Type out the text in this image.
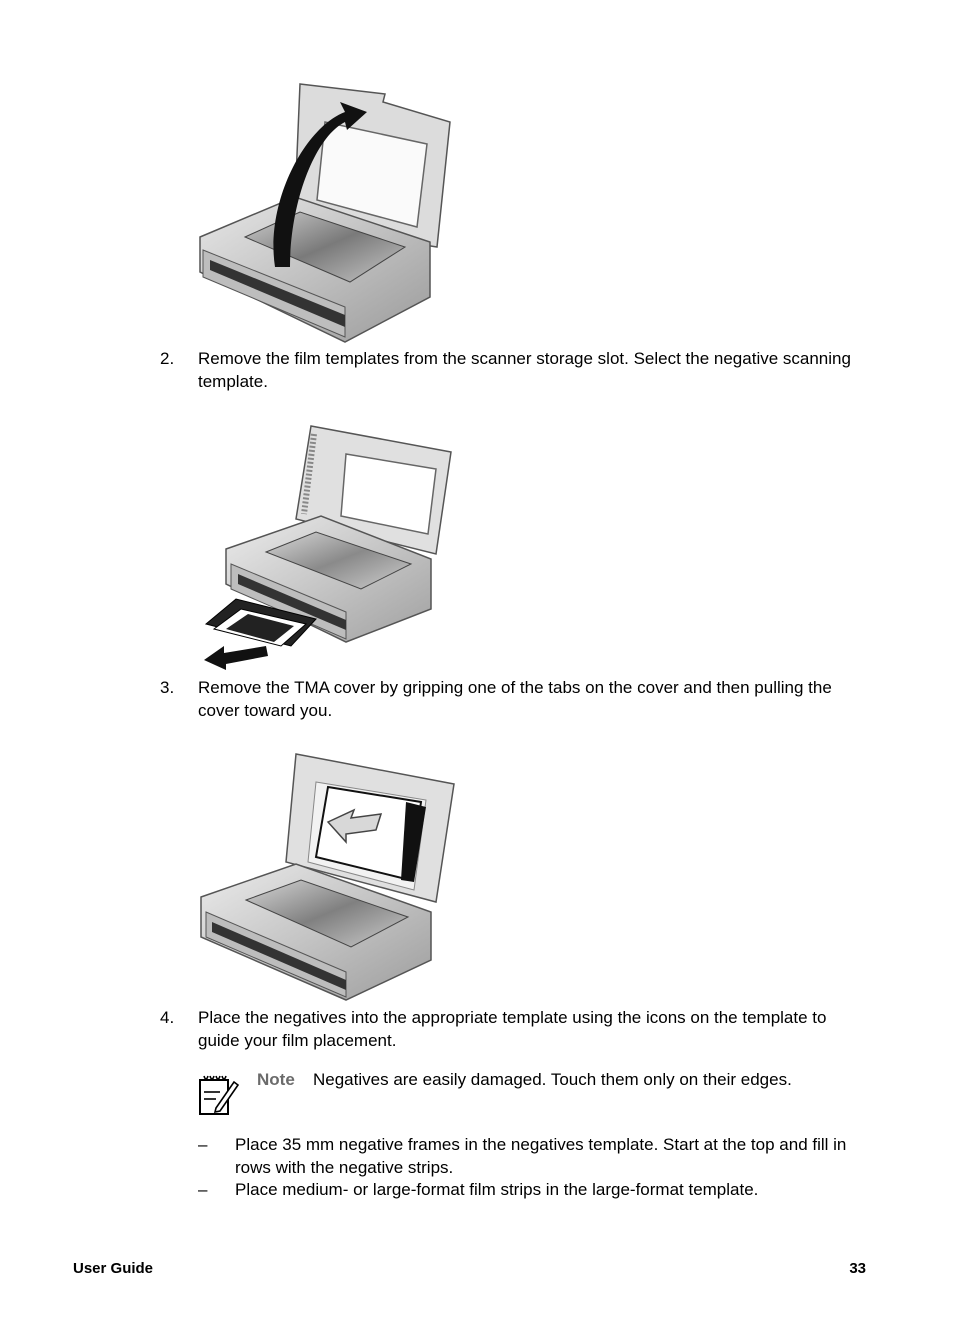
2. Remove the film templates from the scanner storage slot. Select the negative scanning template.
3. Remove the TMA cover by gripping one of the tabs on the cover and then pulling the cover toward you.
4. Place the negatives into the appropriate template using the icons on the template to guide your film placement.
Note Negatives are easily damaged. Touch them only on their edges.
– Place 35 mm negative frames in the negatives template. Start at the top and fill in rows with the negative strips.
– Place medium- or large-format film strips in the large-format template.
User Guide	33
